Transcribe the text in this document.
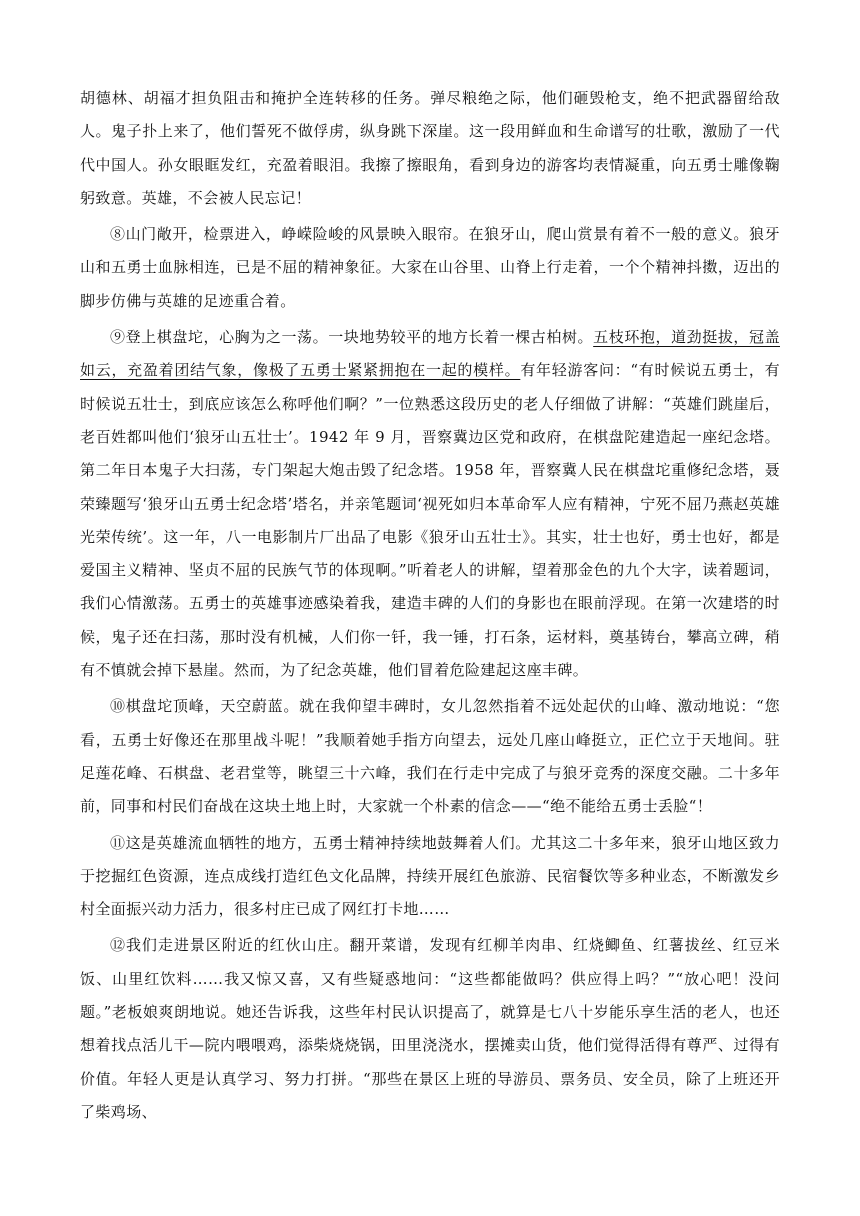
胡德林、胡福才担负阻击和掩护全连转移的任务。弹尽粮绝之际，他们砸毁枪支，绝不把武器留给敌人。鬼子扑上来了，他们誓死不做俘虏，纵身跳下深崖。这一段用鲜血和生命谱写的壮歌，激励了一代代中国人。孙女眼眶发红，充盈着眼泪。我擦了擦眼角，看到身边的游客均表情凝重，向五勇士雕像鞠躬致意。英雄，不会被人民忘记！

⑧山门敞开，检票进入，峥嵘险峻的风景映入眼帘。在狼牙山，爬山赏景有着不一般的意义。狼牙山和五勇士血脉相连，已是不屈的精神象征。大家在山谷里、山脊上行走着，一个个精神抖擞，迈出的脚步仿佛与英雄的足迹重合着。

⑨登上棋盘坨，心胸为之一荡。一块地势较平的地方长着一棵古柏树。五枝环抱，道劲挺拔，冠盖如云，充盈着团结气象，像极了五勇士紧紧拥抱在一起的模样。有年轻游客问：“有时候说五勇士，有时候说五壮士，到底应该怎么称呼他们啊？”一位熟悉这段历史的老人仔细做了讲解：“英雄们跳崖后，老百姓都叫他们‘狼牙山五壮士’。1942 年 9 月，晋察冀边区党和政府，在棋盘陀建造起一座纪念塔。第二年日本鬼子大扫荡，专门架起大炮击毁了纪念塔。1958 年，晋察冀人民在棋盘坨重修纪念塔，聂荣臻题写‘狼牙山五勇士纪念塔’塔名，并亲笔题词‘视死如归本革命军人应有精神，宁死不屈乃燕赵英雄光荣传统’。这一年，八一电影制片厂出品了电影《狼牙山五壮士》。其实，壮士也好，勇士也好，都是爱国主义精神、坚贞不屈的民族气节的体现啊。”听着老人的讲解，望着那金色的九个大字，读着题词，我们心情激荡。五勇士的英雄事迹感染着我，建造丰碑的人们的身影也在眼前浮现。在第一次建塔的时候，鬼子还在扫荡，那时没有机械，人们你一钎，我一锤，打石条，运材料，奠基铸台，攀高立碑，稍有不慎就会掉下悬崖。然而，为了纪念英雄，他们冒着危险建起这座丰碑。

⑩棋盘坨顶峰，天空蔚蓝。就在我仰望丰碑时，女儿忽然指着不远处起伏的山峰、激动地说：“您看，五勇士好像还在那里战斗呢！”我顺着她手指方向望去，远处几座山峰挺立，正伫立于天地间。驻足莲花峰、石棋盘、老君堂等，眺望三十六峰，我们在行走中完成了与狼牙竞秀的深度交融。二十多年前，同事和村民们奋战在这块土地上时，大家就一个朴素的信念——“绝不能给五勇士丢脸“！

⑪这是英雄流血牺牲的地方，五勇士精神持续地鼓舞着人们。尤其这二十多年来，狼牙山地区致力于挖掘红色资源，连点成线打造红色文化品牌，持续开展红色旅游、民宿餐饮等多种业态，不断激发乡村全面振兴动力活力，很多村庄已成了网红打卡地……

⑫我们走进景区附近的红伙山庄。翻开菜谱，发现有红柳羊肉串、红烧鲫鱼、红薯拔丝、红豆米饭、山里红饮料……我又惊又喜，又有些疑惑地问：“这些都能做吗？供应得上吗？”“放心吧！没问题。”老板娘爽朗地说。她还告诉我，这些年村民认识提高了，就算是七八十岁能乐享生活的老人，也还想着找点活儿干—院内喂喂鸡，添柴烧烧锅，田里浇浇水，摆摊卖山货，他们觉得活得有尊严、过得有价值。年轻人更是认真学习、努力打拼。“那些在景区上班的导游员、票务员、安全员，除了上班还开了柴鸡场、
